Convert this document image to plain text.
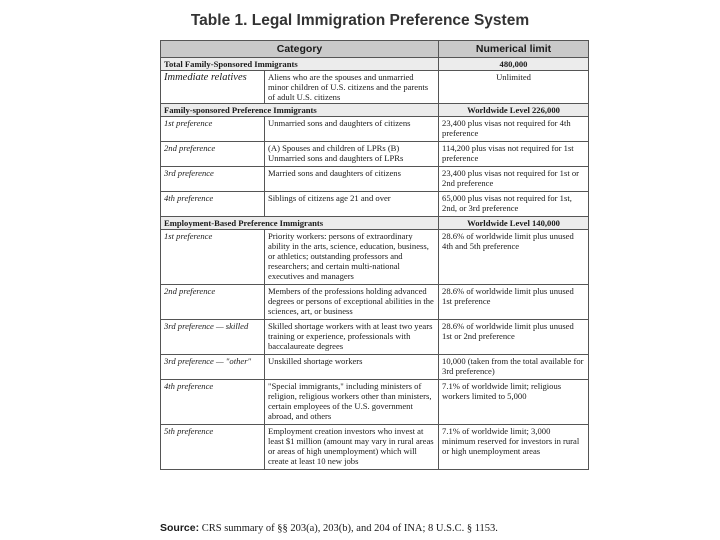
Table 1. Legal Immigration Preference System
Category		Numerical limit
Total Family-Sponsored Immigrants		480,000
Immediate relatives	Aliens who are the spouses and unmarried minor children of U.S. citizens and the parents of adult U.S. citizens	Unlimited
Family-sponsored Preference Immigrants		Worldwide Level 226,000
1st preference	Unmarried sons and daughters of citizens	23,400 plus visas not required for 4th preference
2nd preference	(A) Spouses and children of LPRs (B) Unmarried sons and daughters of LPRs	114,200 plus visas not required for 1st preference
3rd preference	Married sons and daughters of citizens	23,400 plus visas not required for 1st or 2nd preference
4th preference	Siblings of citizens age 21 and over	65,000 plus visas not required for 1st, 2nd, or 3rd preference
Employment-Based Preference Immigrants		Worldwide Level 140,000
1st preference	Priority workers: persons of extraordinary ability in the arts, science, education, business, or athletics; outstanding professors and researchers; and certain multi-national executives and managers	28.6% of worldwide limit plus unused 4th and 5th preference
2nd preference	Members of the professions holding advanced degrees or persons of exceptional abilities in the sciences, art, or business	28.6% of worldwide limit plus unused 1st preference
3rd preference — skilled	Skilled shortage workers with at least two years training or experience, professionals with baccalaureate degrees	28.6% of worldwide limit plus unused 1st or 2nd preference
3rd preference — "other"	Unskilled shortage workers	10,000 (taken from the total available for 3rd preference)
4th preference	"Special immigrants," including ministers of religion, religious workers other than ministers, certain employees of the U.S. government abroad, and others	7.1% of worldwide limit; religious workers limited to 5,000
5th preference	Employment creation investors who invest at least $1 million (amount may vary in rural areas or areas of high unemployment) which will create at least 10 new jobs	7.1% of worldwide limit; 3,000 minimum reserved for investors in rural or high unemployment areas
Source: CRS summary of §§ 203(a), 203(b), and 204 of INA; 8 U.S.C. § 1153.
